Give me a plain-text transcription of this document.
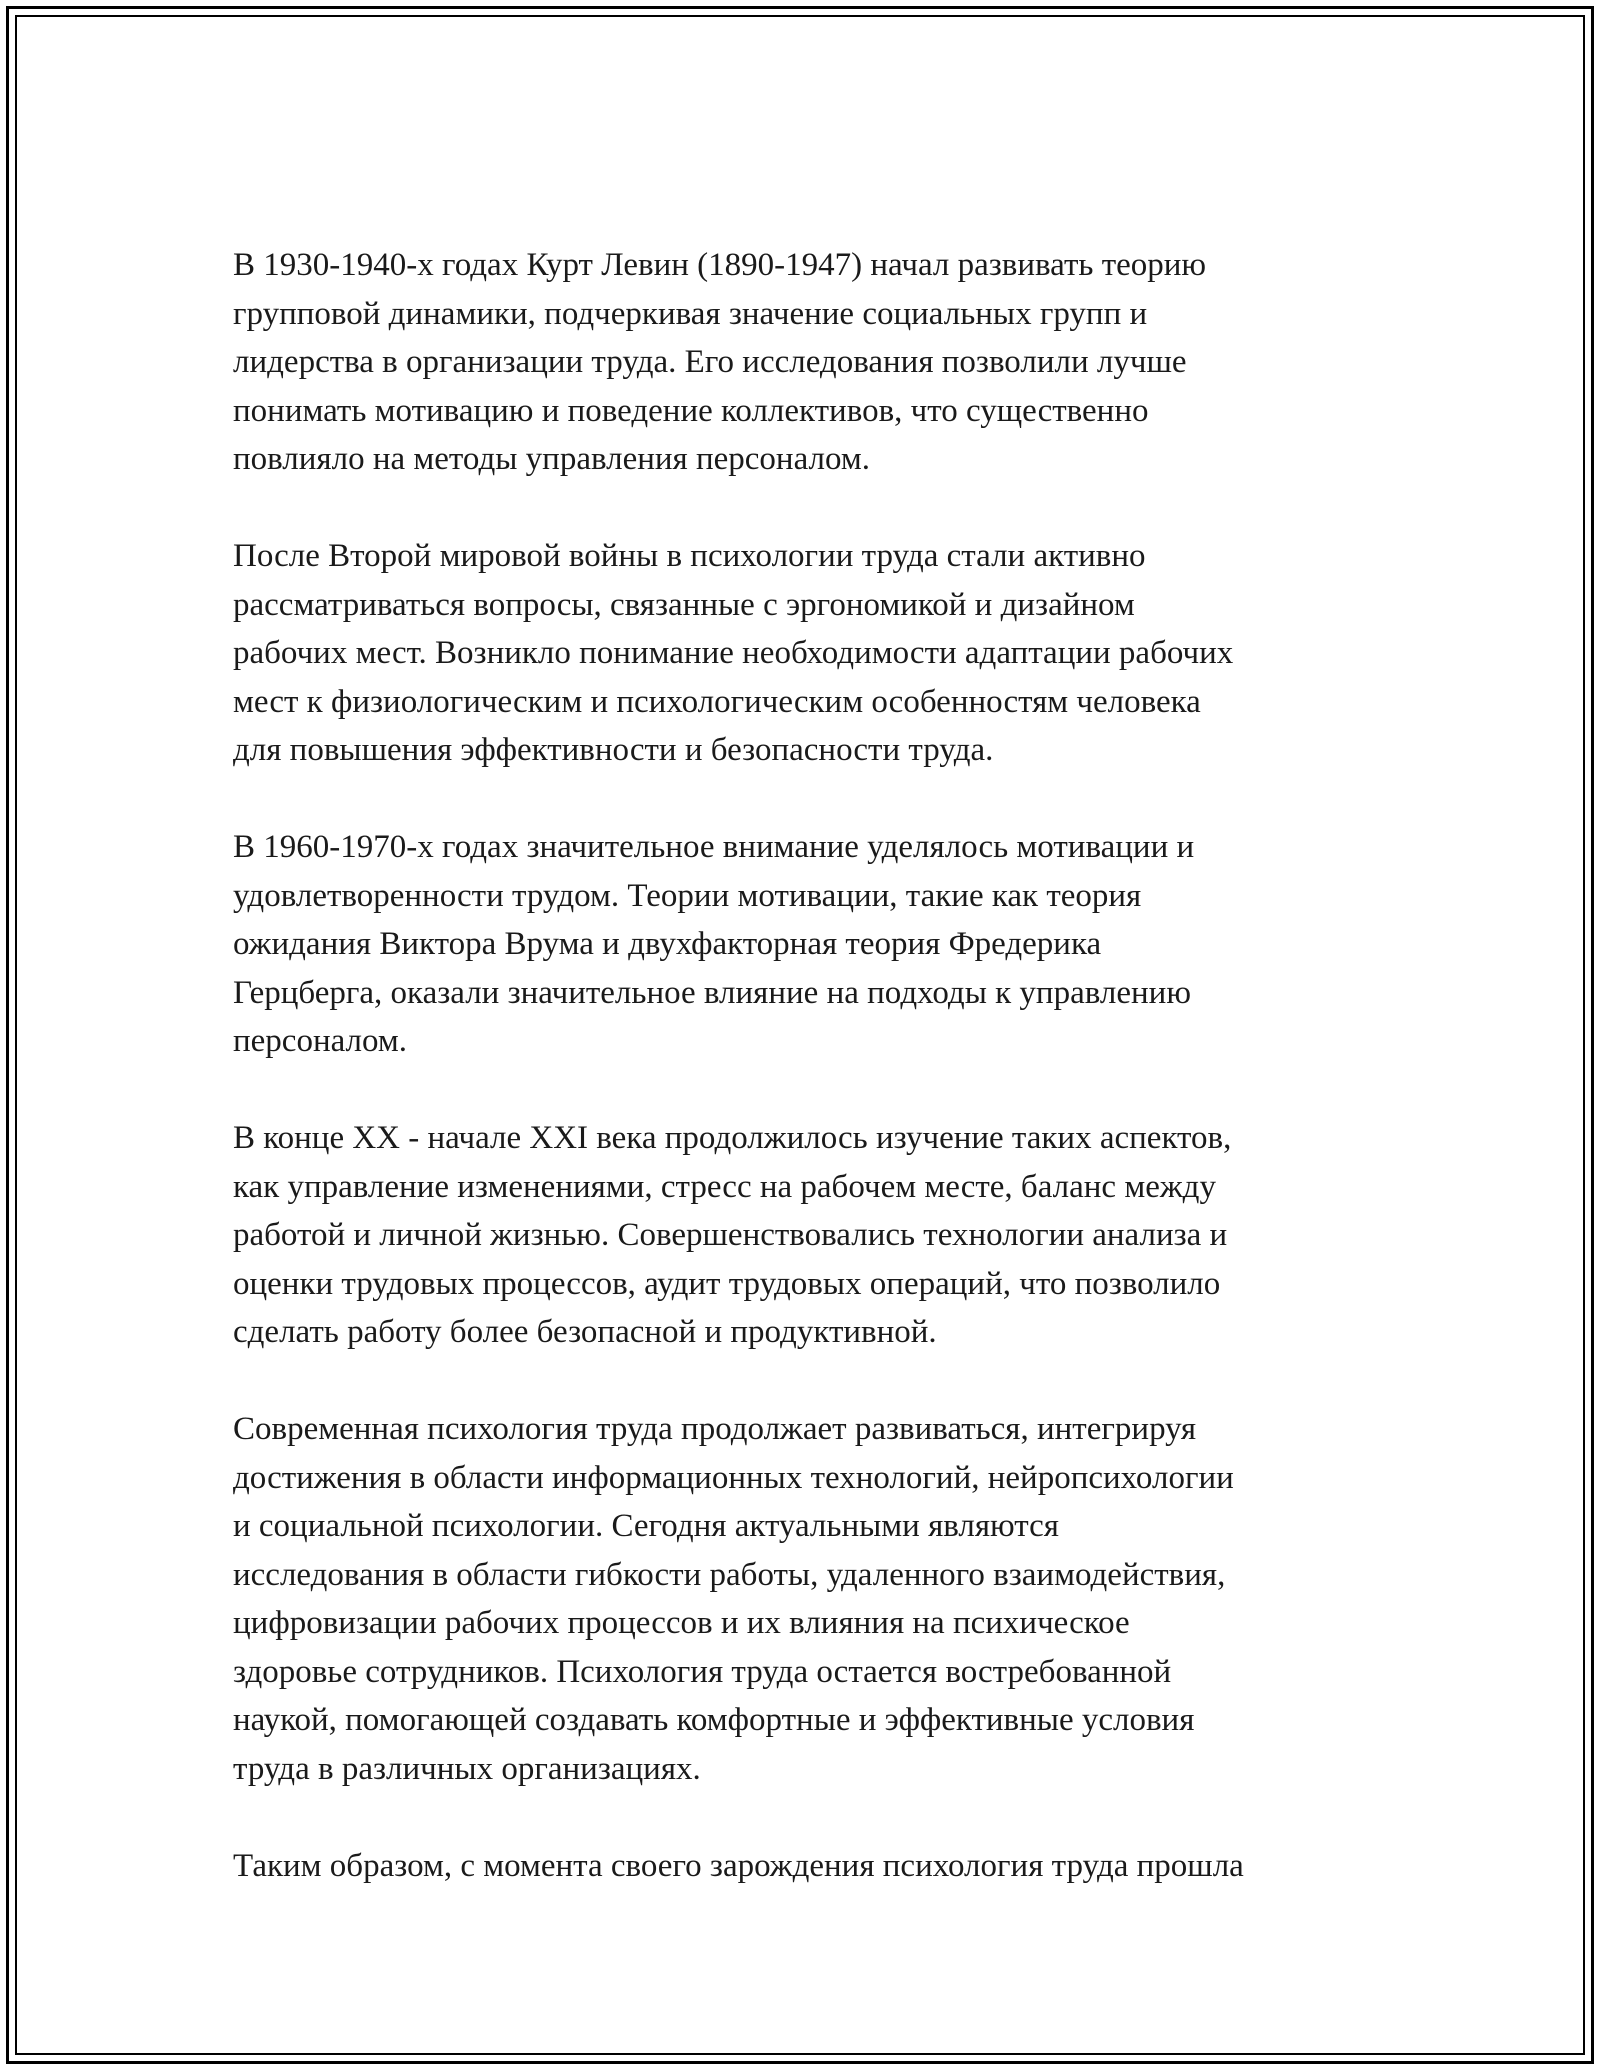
В 1930-1940-х годах Курт Левин (1890-1947) начал развивать теорию
групповой динамики, подчеркивая значение социальных групп и
лидерства в организации труда. Его исследования позволили лучше
понимать мотивацию и поведение коллективов, что существенно
повлияло на методы управления персоналом.

После Второй мировой войны в психологии труда стали активно
рассматриваться вопросы, связанные с эргономикой и дизайном
рабочих мест. Возникло понимание необходимости адаптации рабочих
мест к физиологическим и психологическим особенностям человека
для повышения эффективности и безопасности труда.

В 1960-1970-х годах значительное внимание уделялось мотивации и
удовлетворенности трудом. Теории мотивации, такие как теория
ожидания Виктора Врума и двухфакторная теория Фредерика
Герцберга, оказали значительное влияние на подходы к управлению
персоналом.

В конце XX - начале XXI века продолжилось изучение таких аспектов,
как управление изменениями, стресс на рабочем месте, баланс между
работой и личной жизнью. Совершенствовались технологии анализа и
оценки трудовых процессов, аудит трудовых операций, что позволило
сделать работу более безопасной и продуктивной.

Современная психология труда продолжает развиваться, интегрируя
достижения в области информационных технологий, нейропсихологии
и социальной психологии. Сегодня актуальными являются
исследования в области гибкости работы, удаленного взаимодействия,
цифровизации рабочих процессов и их влияния на психическое
здоровье сотрудников. Психология труда остается востребованной
наукой, помогающей создавать комфортные и эффективные условия
труда в различных организациях.

Таким образом, с момента своего зарождения психология труда прошла
